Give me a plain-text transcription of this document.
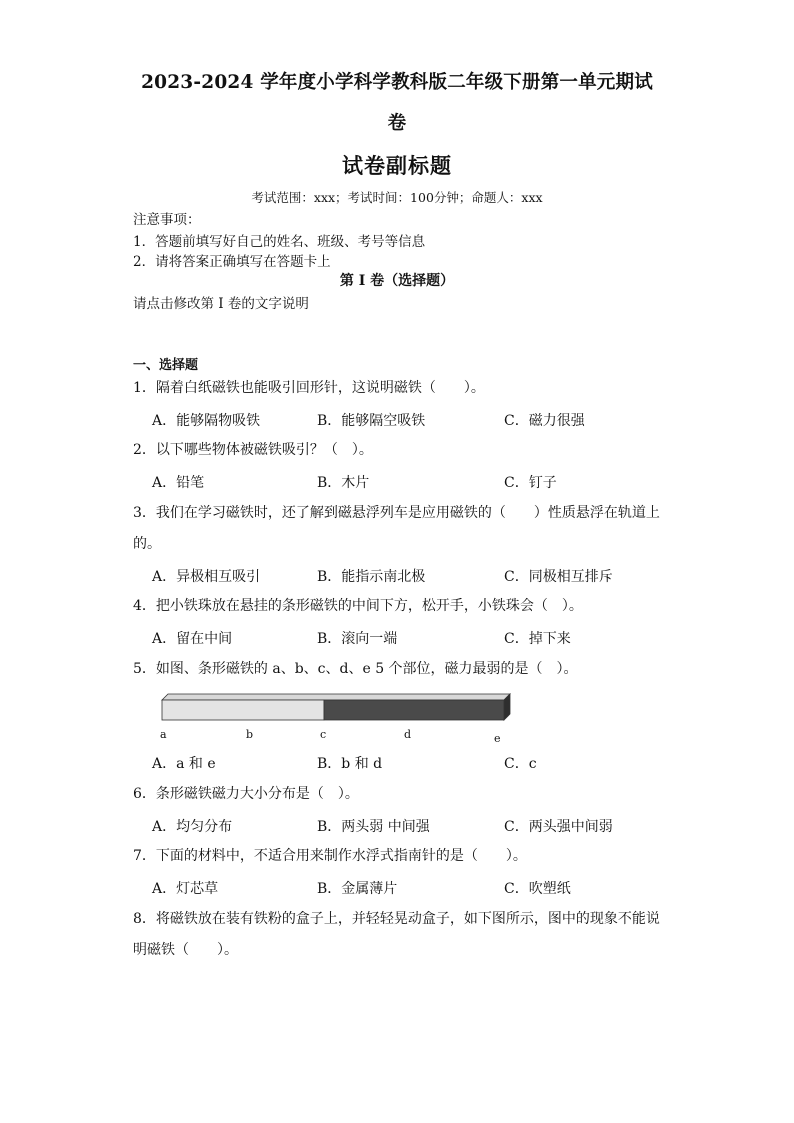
2023-2024 学年度小学科学教科版二年级下册第一单元期试
卷
试卷副标题
考试范围：xxx；考试时间：100分钟；命题人：xxx
注意事项：
1．答题前填写好自己的姓名、班级、考号等信息
2．请将答案正确填写在答题卡上
第 I 卷（选择题）
请点击修改第 I 卷的文字说明
一、选择题
1．隔着白纸磁铁也能吸引回形针，这说明磁铁（　　）。
A．能够隔物吸铁	B．能够隔空吸铁	C．磁力很强
2．以下哪些物体被磁铁吸引？（　）。
A．铅笔	B．木片	C．钉子
3．我们在学习磁铁时，还了解到磁悬浮列车是应用磁铁的（　　）性质悬浮在轨道上的。
A．异极相互吸引	B．能指示南北极	C．同极相互排斥
4．把小铁珠放在悬挂的条形磁铁的中间下方，松开手，小铁珠会（　）。
A．留在中间	B．滚向一端	C．掉下来
5．如图、条形磁铁的 a、b、c、d、e 5 个部位，磁力最弱的是（　）。
a	b	c	d	e
A．a 和 e	B．b 和 d	C．c
6．条形磁铁磁力大小分布是（　）。
A．均匀分布	B．两头弱 中间强	C．两头强中间弱
7．下面的材料中，不适合用来制作水浮式指南针的是（　　）。
A．灯芯草	B．金属薄片	C．吹塑纸
8．将磁铁放在装有铁粉的盒子上，并轻轻晃动盒子，如下图所示，图中的现象不能说明磁铁（　　）。
